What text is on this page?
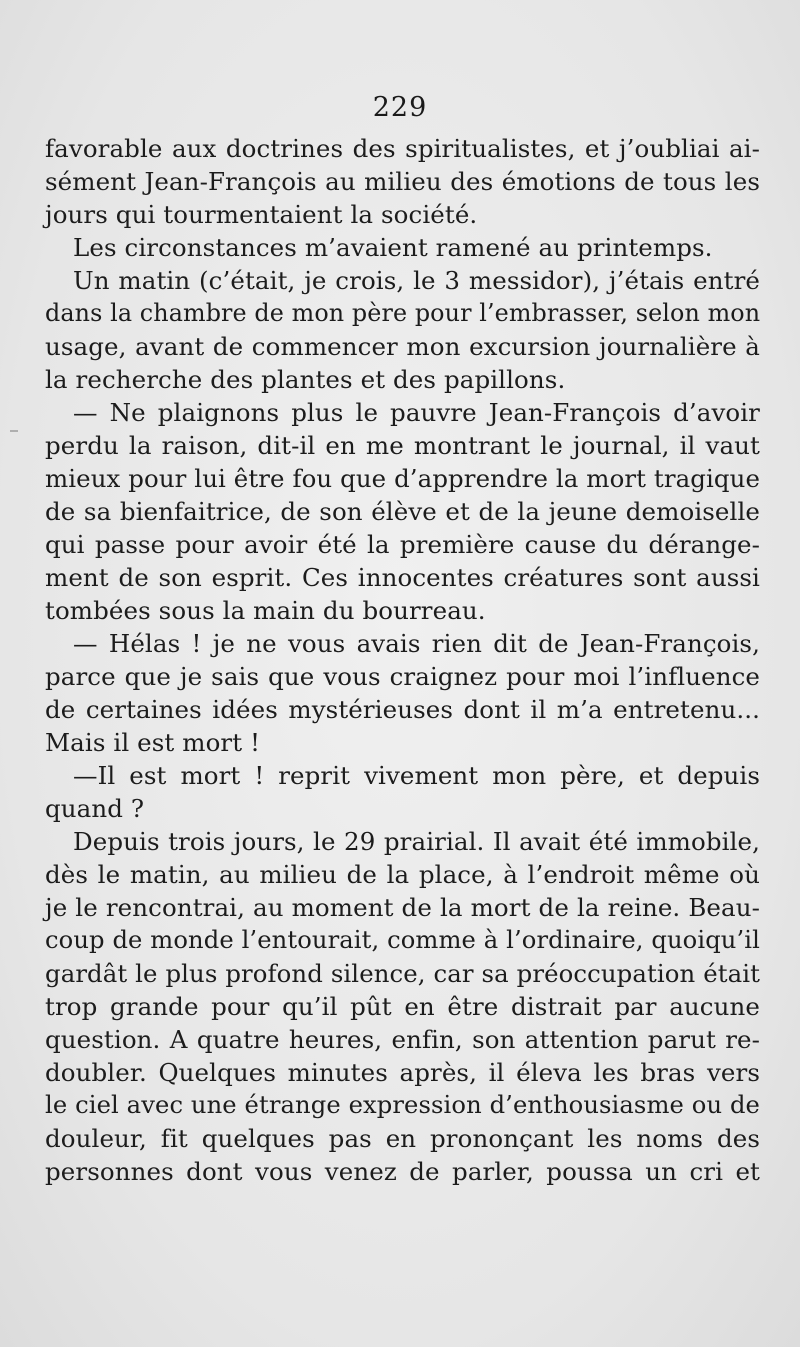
229
favorable aux doctrines des spiritualistes, et j’oubliai ai-
sément Jean-François au milieu des émotions de tous les
jours qui tourmentaient la société.
Les circonstances m’avaient ramené au printemps.
Un matin (c’était, je crois, le 3 messidor), j’étais entré
dans la chambre de mon père pour l’embrasser, selon mon
usage, avant de commencer mon excursion journalière à
la recherche des plantes et des papillons.
— Ne plaignons plus le pauvre Jean-François d’avoir
perdu la raison, dit-il en me montrant le journal, il vaut
mieux pour lui être fou que d’apprendre la mort tragique
de sa bienfaitrice, de son élève et de la jeune demoiselle
qui passe pour avoir été la première cause du dérange-
ment de son esprit. Ces innocentes créatures sont aussi
tombées sous la main du bourreau.
— Hélas ! je ne vous avais rien dit de Jean-François,
parce que je sais que vous craignez pour moi l’influence
de certaines idées mystérieuses dont il m’a entretenu...
Mais il est mort !
—Il est mort ! reprit vivement mon père, et depuis
quand ?
Depuis trois jours, le 29 prairial. Il avait été immobile,
dès le matin, au milieu de la place, à l’endroit même où
je le rencontrai, au moment de la mort de la reine. Beau-
coup de monde l’entourait, comme à l’ordinaire, quoiqu’il
gardât le plus profond silence, car sa préoccupation était
trop grande pour qu’il pût en être distrait par aucune
question. A quatre heures, enfin, son attention parut re-
doubler. Quelques minutes après, il éleva les bras vers
le ciel avec une étrange expression d’enthousiasme ou de
douleur, fit quelques pas en prononçant les noms des
personnes dont vous venez de parler, poussa un cri et
